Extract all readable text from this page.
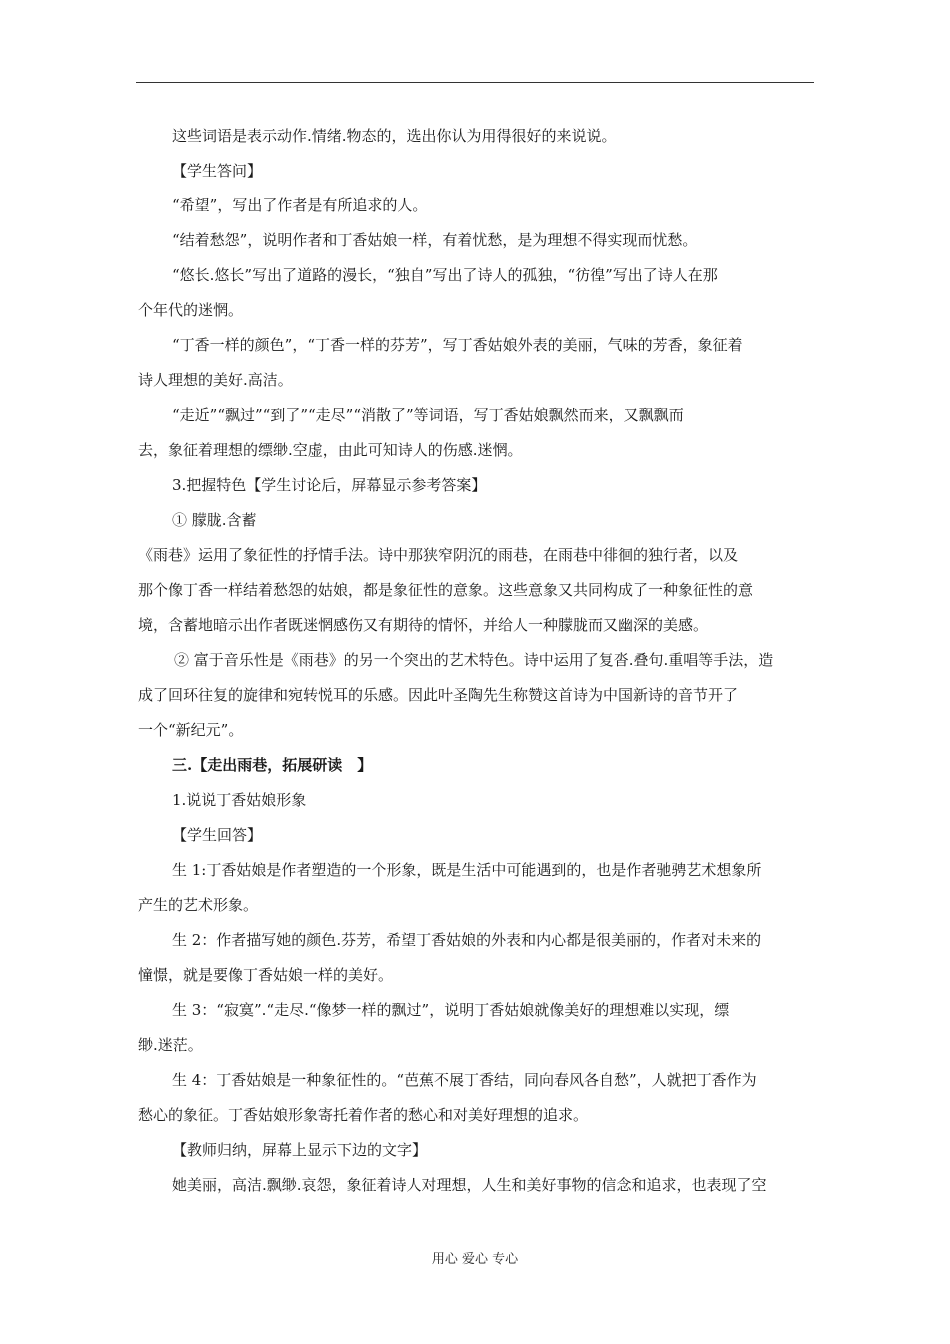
这些词语是表示动作.情绪.物态的，选出你认为用得很好的来说说。
【学生答问】
“希望”，写出了作者是有所追求的人。
“结着愁怨”，说明作者和丁香姑娘一样，有着忧愁，是为理想不得实现而忧愁。
“悠长.悠长”写出了道路的漫长，“独自”写出了诗人的孤独，“彷徨”写出了诗人在那
个年代的迷惘。
“丁香一样的颜色”，“丁香一样的芬芳”，写丁香姑娘外表的美丽，气味的芳香，象征着
诗人理想的美好.高洁。
“走近”“飘过”“到了”“走尽”“消散了”等词语，写丁香姑娘飘然而来，又飘飘而
去，象征着理想的缥缈.空虚，由此可知诗人的伤感.迷惘。
3.把握特色【学生讨论后，屏幕显示参考答案】
① 朦胧.含蓄
《雨巷》运用了象征性的抒情手法。诗中那狭窄阴沉的雨巷，在雨巷中徘徊的独行者，以及
那个像丁香一样结着愁怨的姑娘，都是象征性的意象。这些意象又共同构成了一种象征性的意
境，含蓄地暗示出作者既迷惘感伤又有期待的情怀，并给人一种朦胧而又幽深的美感。
② 富于音乐性是《雨巷》的另一个突出的艺术特色。诗中运用了复沓.叠句.重唱等手法，造
成了回环往复的旋律和宛转悦耳的乐感。因此叶圣陶先生称赞这首诗为中国新诗的音节开了
一个“新纪元”。
三.【走出雨巷，拓展研读　】
1.说说丁香姑娘形象
【学生回答】
生 1:丁香姑娘是作者塑造的一个形象，既是生活中可能遇到的，也是作者驰骋艺术想象所
产生的艺术形象。
生 2：作者描写她的颜色.芬芳，希望丁香姑娘的外表和内心都是很美丽的，作者对未来的
憧憬，就是要像丁香姑娘一样的美好。
生 3：“寂寞”.“走尽.“像梦一样的飘过”，说明丁香姑娘就像美好的理想难以实现，缥
缈.迷茫。
生 4：丁香姑娘是一种象征性的。“芭蕉不展丁香结，同向春风各自愁”，人就把丁香作为
愁心的象征。丁香姑娘形象寄托着作者的愁心和对美好理想的追求。
【教师归纳，屏幕上显示下边的文字】
她美丽，高洁.飘缈.哀怨，象征着诗人对理想，人生和美好事物的信念和追求，也表现了空
用心 爱心 专心
